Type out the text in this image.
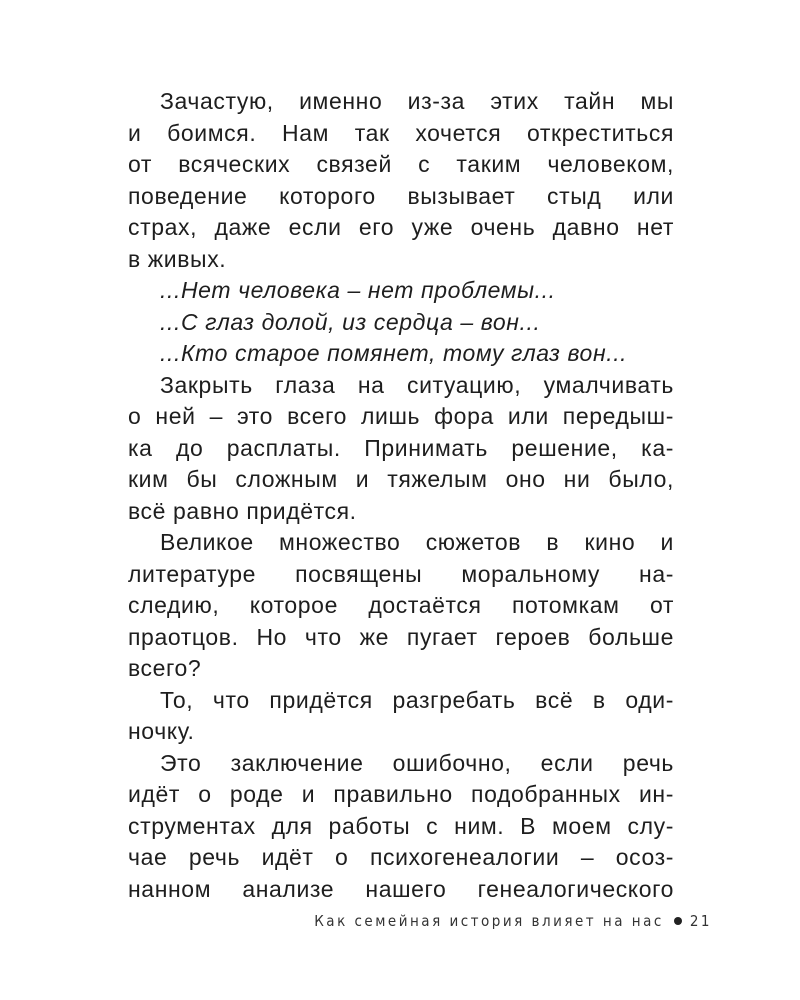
Зачастую, именно из-за этих тайн мы
и боимся. Нам так хочется откреститься
от всяческих связей с таким человеком,
поведение которого вызывает стыд или
страх, даже если его уже очень давно нет
в живых.
...Нет человека – нет проблемы...
...С глаз долой, из сердца – вон...
...Кто старое помянет, тому глаз вон...
Закрыть глаза на ситуацию, умалчивать
о ней – это всего лишь фора или передыш-
ка до расплаты. Принимать решение, ка-
ким бы сложным и тяжелым оно ни было,
всё равно придётся.
Великое множество сюжетов в кино и
литературе посвящены моральному на-
следию, которое достаётся потомкам от
праотцов. Но что же пугает героев больше
всего?
То, что придётся разгребать всё в оди-
ночку.
Это заключение ошибочно, если речь
идёт о роде и правильно подобранных ин-
струментах для работы с ним. В моем слу-
чае речь идёт о психогенеалогии – осоз-
нанном анализе нашего генеалогического
Как семейная история влияет на нас 21
